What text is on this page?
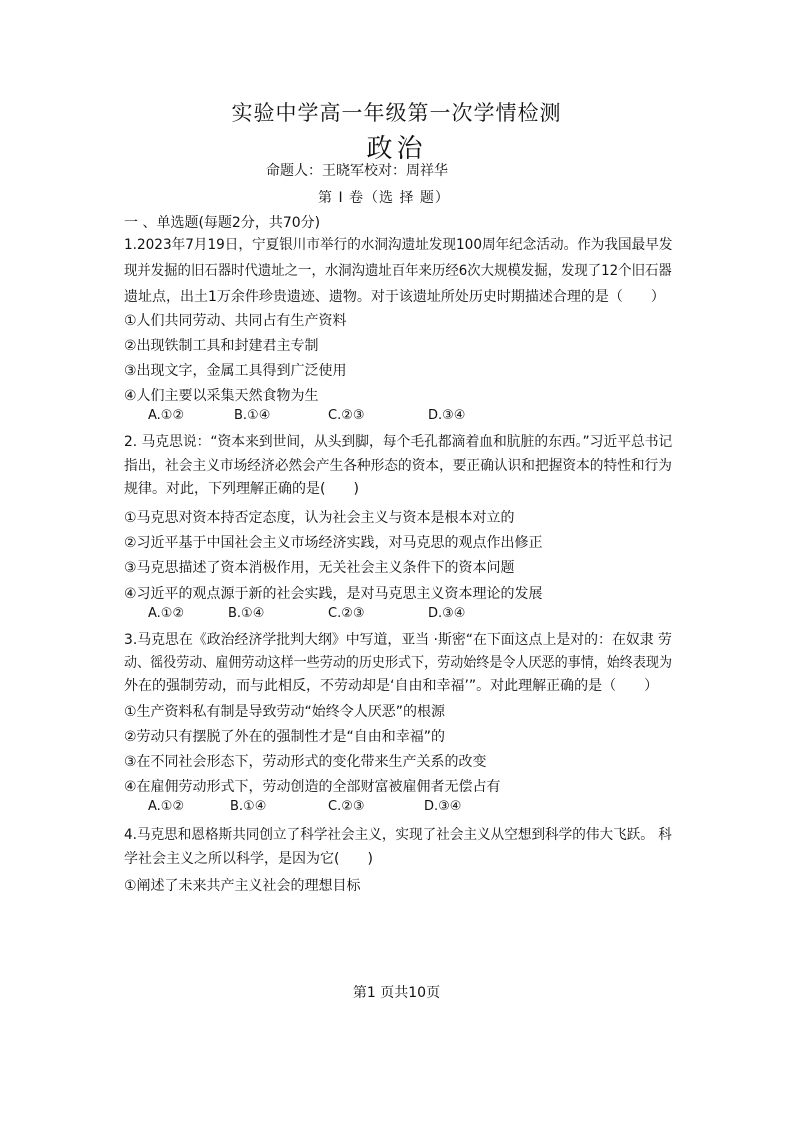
实验中学高一年级第一次学情检测
政治
命题人：王晓军校对：周祥华
第 I 卷（选 择 题）
一 、单选题(每题2分，共70分)
1.2023年7月19日，宁夏银川市举行的水洞沟遗址发现100周年纪念活动。作为我国最早发
现并发掘的旧石器时代遗址之一，水洞沟遗址百年来历经6次大规模发掘，发现了12个旧石器
遗址点，出土1万余件珍贵遗迹、遗物。对于该遗址所处历史时期描述合理的是（　　）
①人们共同劳动、共同占有生产资料
②出现铁制工具和封建君主专制
③出现文字，金属工具得到广泛使用
④人们主要以采集天然食物为生
A.①②	B.①④	C.②③	D.③④
2. 马克思说：“资本来到世间，从头到脚，每个毛孔都滴着血和肮脏的东西。”习近平总书记
指出，社会主义市场经济必然会产生各种形态的资本，要正确认识和把握资本的特性和行为
规律。对此，下列理解正确的是(　　)
①马克思对资本持否定态度，认为社会主义与资本是根本对立的
②习近平基于中国社会主义市场经济实践，对马克思的观点作出修正
③马克思描述了资本消极作用，无关社会主义条件下的资本问题
④习近平的观点源于新的社会实践，是对马克思主义资本理论的发展
A.①②	B.①④	C.②③	D.③④
3.马克思在《政治经济学批判大纲》中写道，亚当 ·斯密“在下面这点上是对的：在奴隶 劳
动、徭役劳动、雇佣劳动这样一些劳动的历史形式下，劳动始终是令人厌恶的事情，始终表现为
外在的强制劳动，而与此相反，不劳动却是‘自由和幸福’”。对此理解正确的是（　　）
①生产资料私有制是导致劳动“始终令人厌恶”的根源
②劳动只有摆脱了外在的强制性才是“自由和幸福”的
③在不同社会形态下，劳动形式的变化带来生产关系的改变
④在雇佣劳动形式下，劳动创造的全部财富被雇佣者无偿占有
A.①②	B.①④	C.②③	D.③④
4.马克思和恩格斯共同创立了科学社会主义，实现了社会主义从空想到科学的伟大飞跃。 科
学社会主义之所以科学，是因为它(　　)
①阐述了未来共产主义社会的理想目标
第1 页共10页
